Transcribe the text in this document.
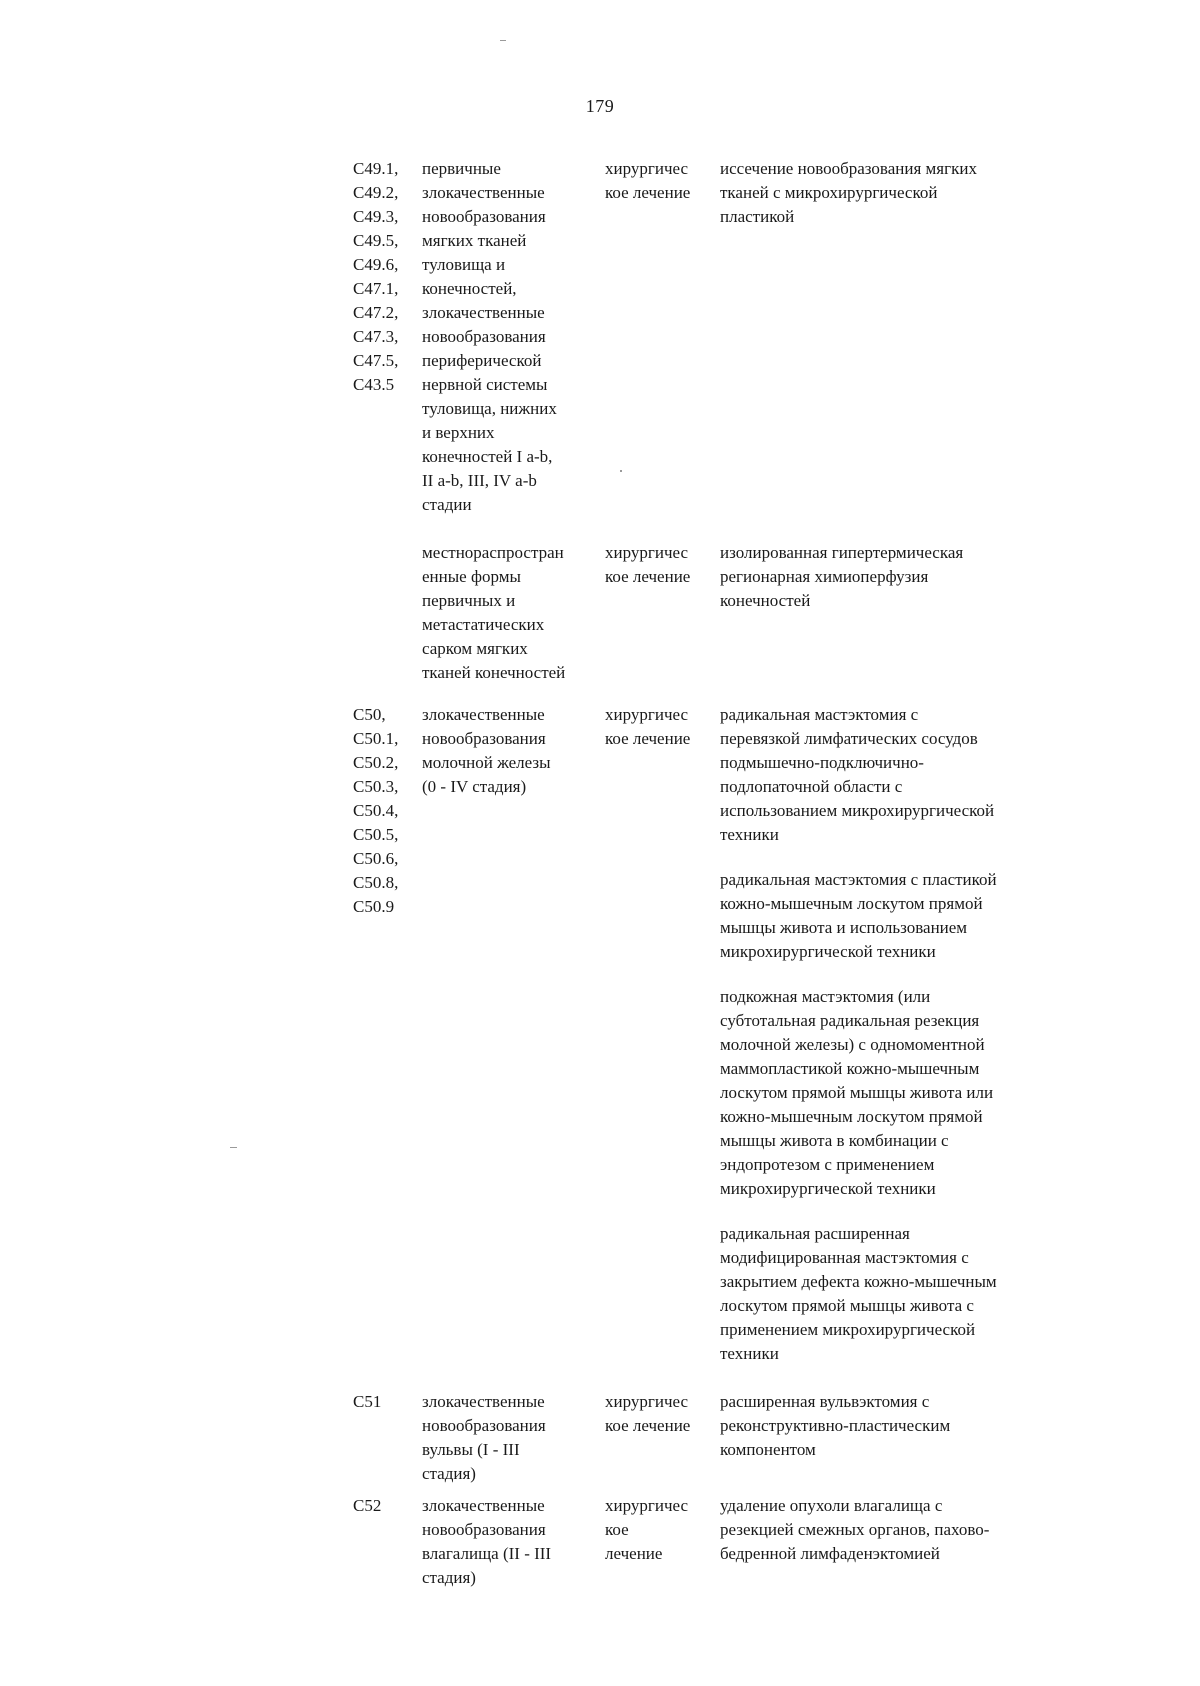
179
C49.1,
C49.2,
C49.3,
C49.5,
C49.6,
C47.1,
C47.2,
C47.3,
C47.5,
C43.5
первичные
злокачественные
новообразования
мягких тканей
туловища и
конечностей,
злокачественные
новообразования
периферической
нервной системы
туловища, нижних
и верхних
конечностей I a-b,
II a-b, III, IV a-b
стадии
хирургичес
кое лечение
иссечение новообразования мягких
тканей с микрохирургической
пластикой
местнораспростран
енные формы
первичных и
метастатических
сарком мягких
тканей конечностей
хирургичес
кое лечение
изолированная гипертермическая
регионарная химиоперфузия
конечностей
C50,
C50.1,
C50.2,
C50.3,
C50.4,
C50.5,
C50.6,
C50.8,
C50.9
злокачественные
новообразования
молочной железы
(0 - IV стадия)
хирургичес
кое лечение
радикальная мастэктомия с
перевязкой лимфатических сосудов
подмышечно-подключично-
подлопаточной области с
использованием микрохирургической
техники
радикальная мастэктомия с пластикой
кожно-мышечным лоскутом прямой
мышцы живота и использованием
микрохирургической техники
подкожная мастэктомия (или
субтотальная радикальная резекция
молочной железы) с одномоментной
маммопластикой кожно-мышечным
лоскутом прямой мышцы живота или
кожно-мышечным лоскутом прямой
мышцы живота в комбинации с
эндопротезом с применением
микрохирургической техники
радикальная расширенная
модифицированная мастэктомия с
закрытием дефекта кожно-мышечным
лоскутом прямой мышцы живота с
применением микрохирургической
техники
C51	злокачественные
новообразования
вульвы (I - III
стадия)
хирургичес
кое лечение
расширенная вульвэктомия с
реконструктивно-пластическим
компонентом
C52	злокачественные
новообразования
влагалища (II - III
стадия)
хирургичес
кое
лечение
удаление опухоли влагалища с
резекцией смежных органов, пахово-
бедренной лимфаденэктомией
